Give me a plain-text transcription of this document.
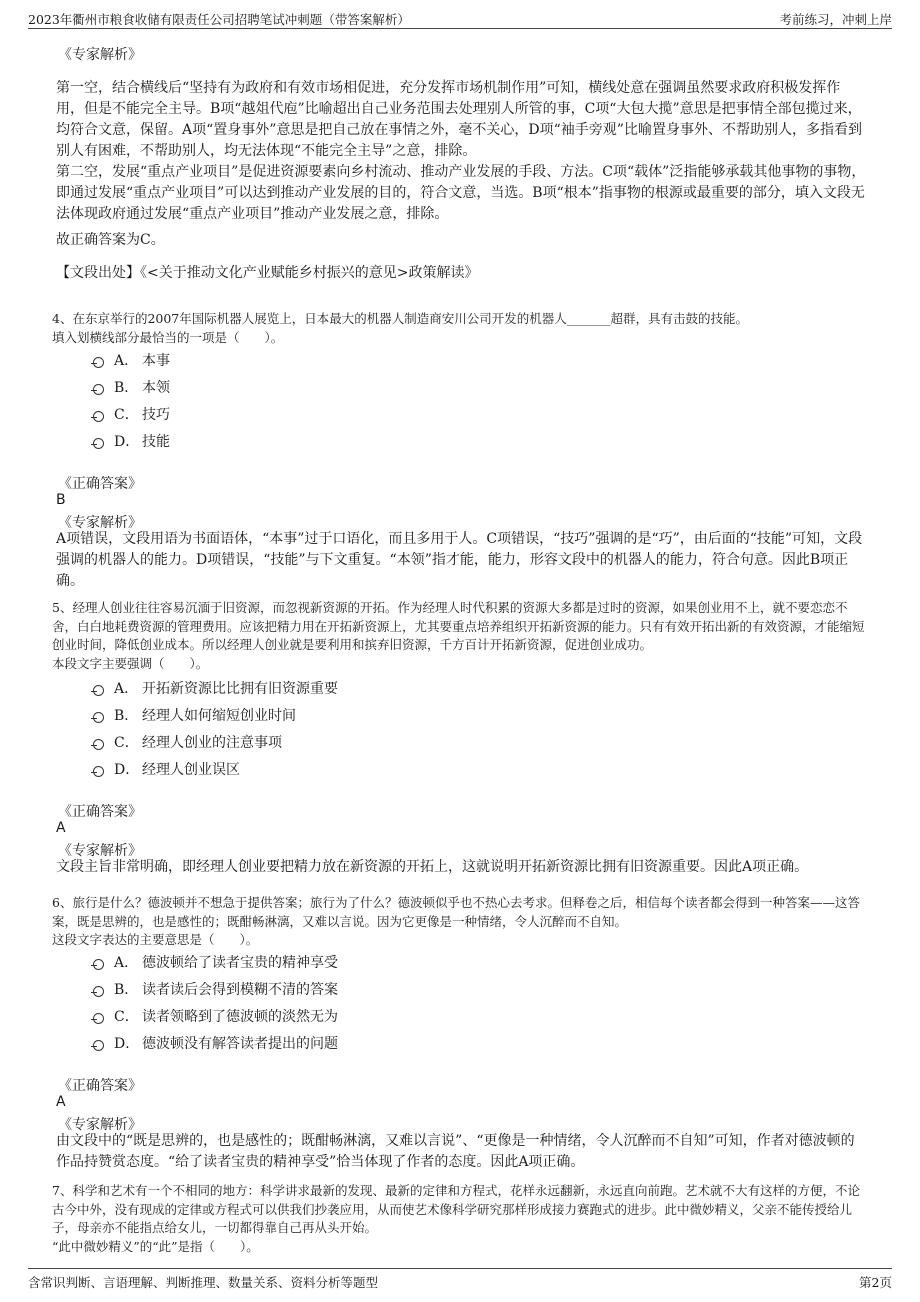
2023年衢州市粮食收储有限责任公司招聘笔试冲刺题（带答案解析）	考前练习，冲刺上岸
《专家解析》
第一空，结合横线后“坚持有为政府和有效市场相促进，充分发挥市场机制作用”可知，横线处意在强调虽然要求政府积极发挥作用，但是不能完全主导。B项“越俎代庖”比喻超出自己业务范围去处理别人所管的事，C项“大包大揽”意思是把事情全部包揽过来，均符合文意，保留。A项“置身事外”意思是把自己放在事情之外，毫不关心，D项“袖手旁观”比喻置身事外、不帮助别人，多指看到别人有困难，不帮助别人，均无法体现“不能完全主导”之意，排除。
第二空，发展“重点产业项目”是促进资源要素向乡村流动、推动产业发展的手段、方法。C项“载体”泛指能够承载其他事物的事物，即通过发展“重点产业项目”可以达到推动产业发展的目的，符合文意，当选。B项“根本”指事物的根源或最重要的部分，填入文段无法体现政府通过发展“重点产业项目”推动产业发展之意，排除。
故正确答案为C。
【文段出处】《<关于推动文化产业赋能乡村振兴的意见>政策解读》

4、在东京举行的2007年国际机器人展览上，日本最大的机器人制造商安川公司开发的机器人_______超群，具有击鼓的技能。

填入划横线部分最恰当的一项是（　　）。

A． 本事
B． 本领
C． 技巧
D． 技能
《正确答案》
B
《专家解析》
A项错误，文段用语为书面语体，“本事”过于口语化，而且多用于人。C项错误，“技巧”强调的是“巧”，由后面的“技能”可知，文段强调的机器人的能力。D项错误，“技能”与下文重复。“本领”指才能，能力，形容文段中的机器人的能力，符合句意。因此B项正确。

5、经理人创业往往容易沉湎于旧资源，而忽视新资源的开拓。作为经理人时代积累的资源大多都是过时的资源，如果创业用不上，就不要恋恋不舍，白白地耗费资源的管理费用。应该把精力用在开拓新资源上，尤其要重点培养组织开拓新资源的能力。只有有效开拓出新的有效资源，才能缩短创业时间，降低创业成本。所以经理人创业就是要利用和摈弃旧资源，千方百计开拓新资源，促进创业成功。

本段文字主要强调（　　）。

A． 开拓新资源比比拥有旧资源重要
B． 经理人如何缩短创业时间
C． 经理人创业的注意事项
D． 经理人创业误区
《正确答案》
A
《专家解析》
文段主旨非常明确，即经理人创业要把精力放在新资源的开拓上，这就说明开拓新资源比拥有旧资源重要。因此A项正确。

6、旅行是什么？德波顿并不想急于提供答案；旅行为了什么？德波顿似乎也不热心去考求。但释卷之后，相信每个读者都会得到一种答案——这答案，既是思辨的，也是感性的；既酣畅淋漓，又难以言说。因为它更像是一种情绪，令人沉醉而不自知。

这段文字表达的主要意思是（　　）。

A． 德波顿给了读者宝贵的精神享受
B． 读者读后会得到模糊不清的答案
C． 读者领略到了德波顿的淡然无为
D． 德波顿没有解答读者提出的问题
《正确答案》
A
《专家解析》
由文段中的“既是思辨的，也是感性的；既酣畅淋漓，又难以言说”、“更像是一种情绪，令人沉醉而不自知”可知，作者对德波顿的作品持赞赏态度。“给了读者宝贵的精神享受”恰当体现了作者的态度。因此A项正确。

7、科学和艺术有一个不相同的地方：科学讲求最新的发现、最新的定律和方程式，花样永远翻新，永远直向前跑。艺术就不大有这样的方便，不论古今中外，没有现成的定律或方程式可以供我们抄袭应用，从而使艺术像科学研究那样形成接力赛跑式的进步。此中微妙精义，父亲不能传授给儿子，母亲亦不能指点给女儿，一切都得靠自己再从头开始。

“此中微妙精义”的“此”是指（　　）。

含常识判断、言语理解、判断推理、数量关系、资料分析等题型	第2页
